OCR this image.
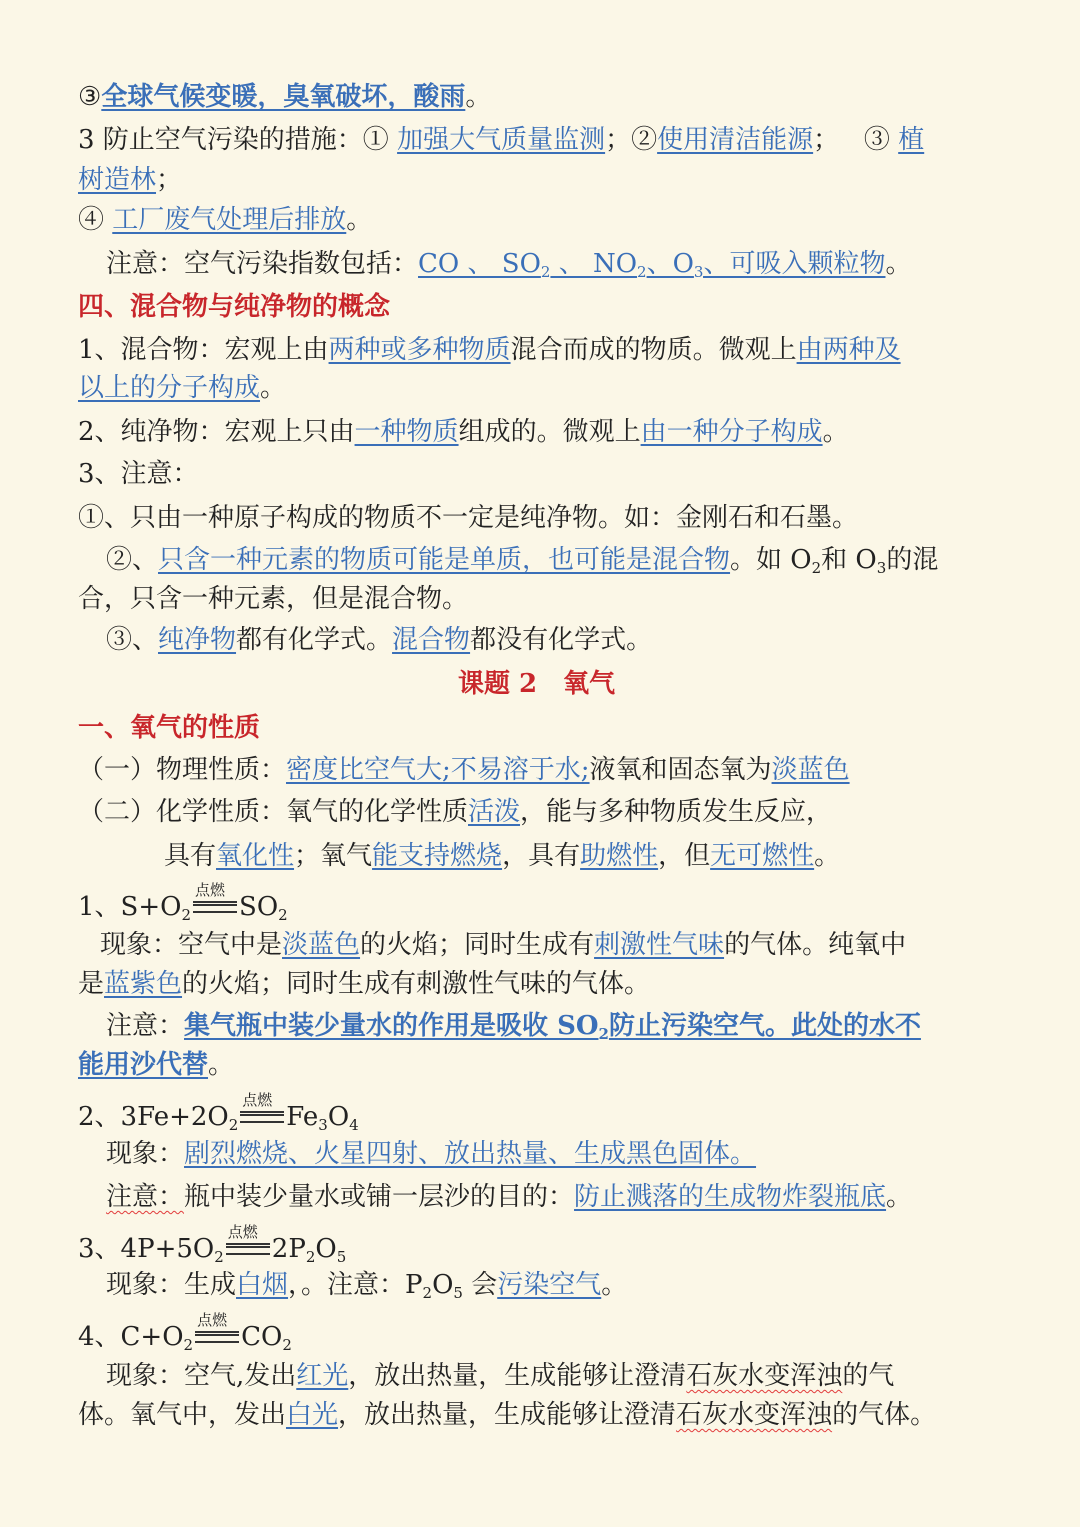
③全球气候变暖，臭氧破坏，酸雨。
3 防止空气污染的措施：① 加强大气质量监测；②使用清洁能源；   ③ 植
树造林；
④ 工厂废气处理后排放。
注意：空气污染指数包括：CO 、 $SO_2$ 、 $NO_2$、$O_3$、可吸入颗粒物。
四、混合物与纯净物的概念
1、混合物：宏观上由两种或多种物质混合而成的物质。微观上由两种及
以上的分子构成。
2、纯净物：宏观上只由一种物质组成的。微观上由一种分子构成。
3、注意：
①、只由一种原子构成的物质不一定是纯净物。如：金刚石和石墨。
②、只含一种元素的物质可能是单质，也可能是混合物。如 $O_2$和 $O_3$的混
合，只含一种元素，但是混合物。
③、纯净物都有化学式。混合物都没有化学式。
课题 2　氧气
一、氧气的性质
（一）物理性质：密度比空气大;不易溶于水;液氧和固态氧为淡蓝色
（二）化学性质：氧气的化学性质活泼，能与多种物质发生反应，
具有氧化性；氧气能支持燃烧，具有助燃性，但无可燃性。
1、$S+O_2$
点燃
$SO_2$
现象：空气中是淡蓝色的火焰；同时生成有刺激性气味的气体。纯氧中
是蓝紫色的火焰；同时生成有刺激性气味的气体。
注意：集气瓶中装少量水的作用是吸收 $SO_2$防止污染空气。此处的水不
能用沙代替。
2、$3Fe+2O_2$
点燃
$Fe_3O_4$
现象：剧烈燃烧、火星四射、放出热量、生成黑色固体。
注意：瓶中装少量水或铺一层沙的目的：防止溅落的生成物炸裂瓶底。
3、$4P+5O_2$
点燃
$2P_2O_5$
现象：生成白烟，。注意：$P_2O_5$ 会污染空气。
4、$C+O_2$
点燃
$CO_2$
现象：空气,发出红光，放出热量，生成能够让澄清石灰水变浑浊的气
体。氧气中，发出白光，放出热量，生成能够让澄清石灰水变浑浊的气体。
